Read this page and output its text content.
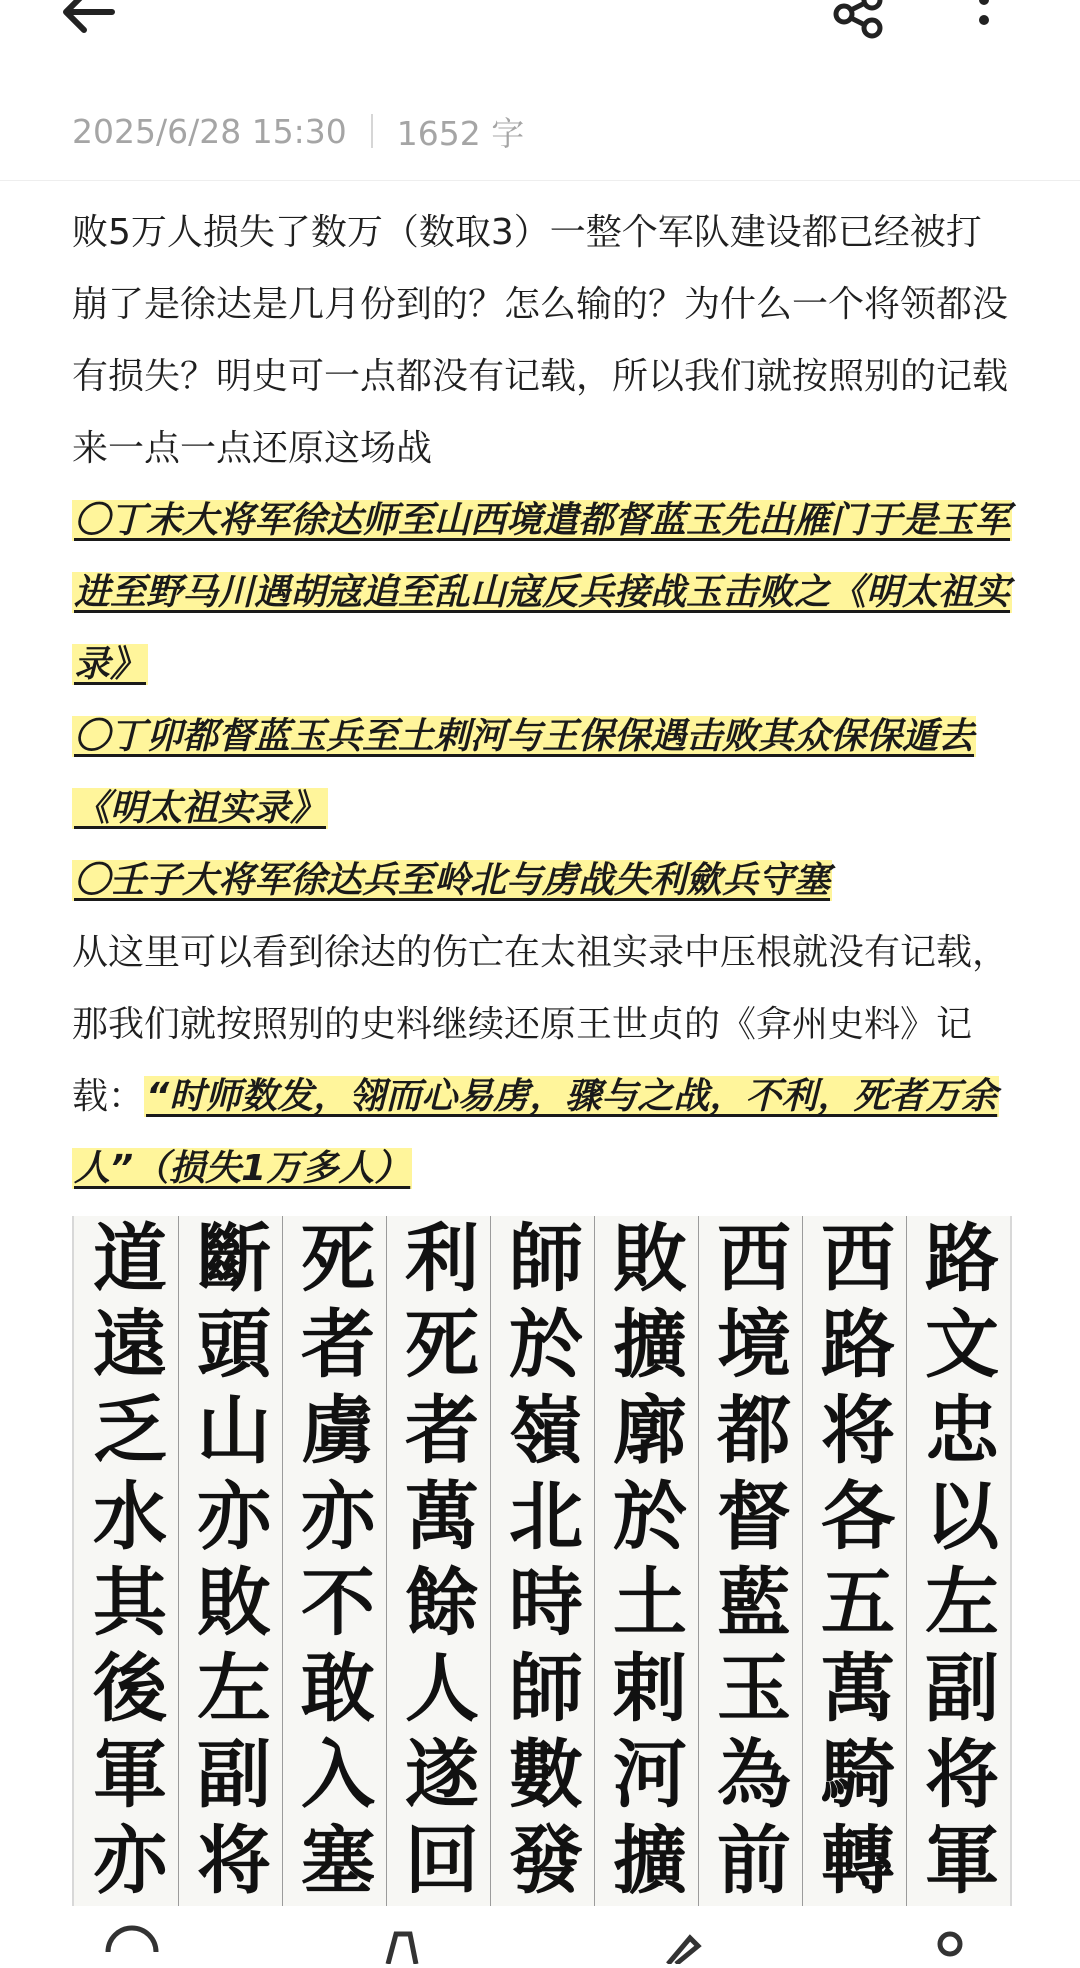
2025/6/28 15:30 1652 字

败5万人损失了数万（数取3）一整个军队建设都已经被打崩了是徐达是几月份到的？怎么输的？为什么一个将领都没有损失？明史可一点都没有记载，所以我们就按照别的记载来一点一点还原这场战

〇丁未大将军徐达师至山西境遣都督蓝玉先出雁门于是玉军进至野马川遇胡寇追至乱山寇反兵接战玉击败之《明太祖实录》

〇丁卯都督蓝玉兵至土剌河与王保保遇击败其众保保遁去《明太祖实录》

〇壬子大将军徐达兵至岭北与虏战失利歛兵守塞

从这里可以看到徐达的伤亡在太祖实录中压根就没有记载，那我们就按照别的史料继续还原王世贞的《弇州史料》记载：“时师数发，翎而心易虏，骤与之战，不利，死者万余人”（损失1万多人）

路
文
忠
以
左
副
将
軍
西
路
将
各
五
萬
騎
轉
西
境
都
督
藍
玉
為
前
敗
擴
廓
於
土
剌
河
擴
師
於
嶺
北
時
師
數
發
利
死
者
萬
餘
人
遂
回
死
者
虜
亦
不
敢
入
塞
斷
頭
山
亦
敗
左
副
将
道
遠
乏
水
其
後
軍
亦
